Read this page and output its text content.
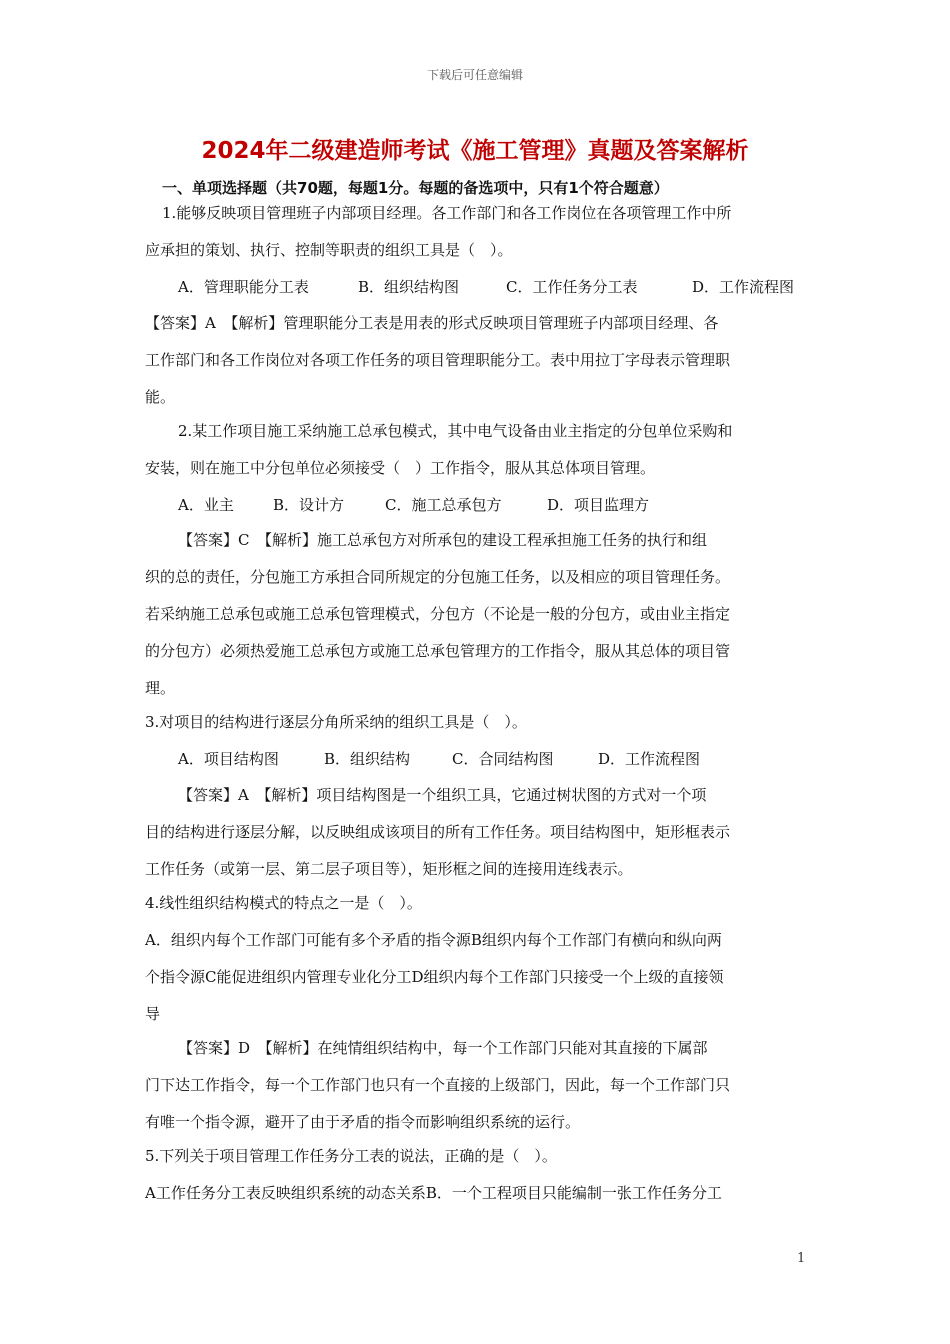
下载后可任意编辑
2024年二级建造师考试《施工管理》真题及答案解析
一、单项选择题（共70题，每题1分。每题的备选项中，只有1个符合题意）
1.能够反映项目管理班子内部项目经理。各工作部门和各工作岗位在各项管理工作中所
应承担的策划、执行、控制等职责的组织工具是（　）。
A．管理职能分工表	B．组织结构图	C．工作任务分工表	D．工作流程图
【答案】A　【解析】管理职能分工表是用表的形式反映项目管理班子内部项目经理、各
工作部门和各工作岗位对各项工作任务的项目管理职能分工。表中用拉丁字母表示管理职
能。
2.某工作项目施工采纳施工总承包模式，其中电气设备由业主指定的分包单位采购和
安装，则在施工中分包单位必须接受（　）工作指令，服从其总体项目管理。
A．业主	B．设计方	C．施工总承包方	D．项目监理方
【答案】C　【解析】施工总承包方对所承包的建设工程承担施工任务的执行和组
织的总的责任，分包施工方承担合同所规定的分包施工任务，以及相应的项目管理任务。
若采纳施工总承包或施工总承包管理模式，分包方（不论是一般的分包方，或由业主指定
的分包方）必须热爱施工总承包方或施工总承包管理方的工作指令，服从其总体的项目管
理。
3.对项目的结构进行逐层分角所采纳的组织工具是（　）。
A．项目结构图	B．组织结构	C．合同结构图	D．工作流程图
【答案】A　【解析】项目结构图是一个组织工具，它通过树状图的方式对一个项
目的结构进行逐层分解，以反映组成该项目的所有工作任务。项目结构图中，矩形框表示
工作任务（或第一层、第二层子项目等），矩形框之间的连接用连线表示。
4.线性组织结构模式的特点之一是（　）。
A．组织内每个工作部门可能有多个矛盾的指令源B组织内每个工作部门有横向和纵向两
个指令源C能促进组织内管理专业化分工D组织内每个工作部门只接受一个上级的直接领
导
【答案】D　【解析】在纯情组织结构中，每一个工作部门只能对其直接的下属部
门下达工作指令，每一个工作部门也只有一个直接的上级部门，因此，每一个工作部门只
有唯一个指令源，避开了由于矛盾的指令而影响组织系统的运行。
5.下列关于项目管理工作任务分工表的说法，正确的是（　）。
A工作任务分工表反映组织系统的动态关系B．一个工程项目只能编制一张工作任务分工
1
